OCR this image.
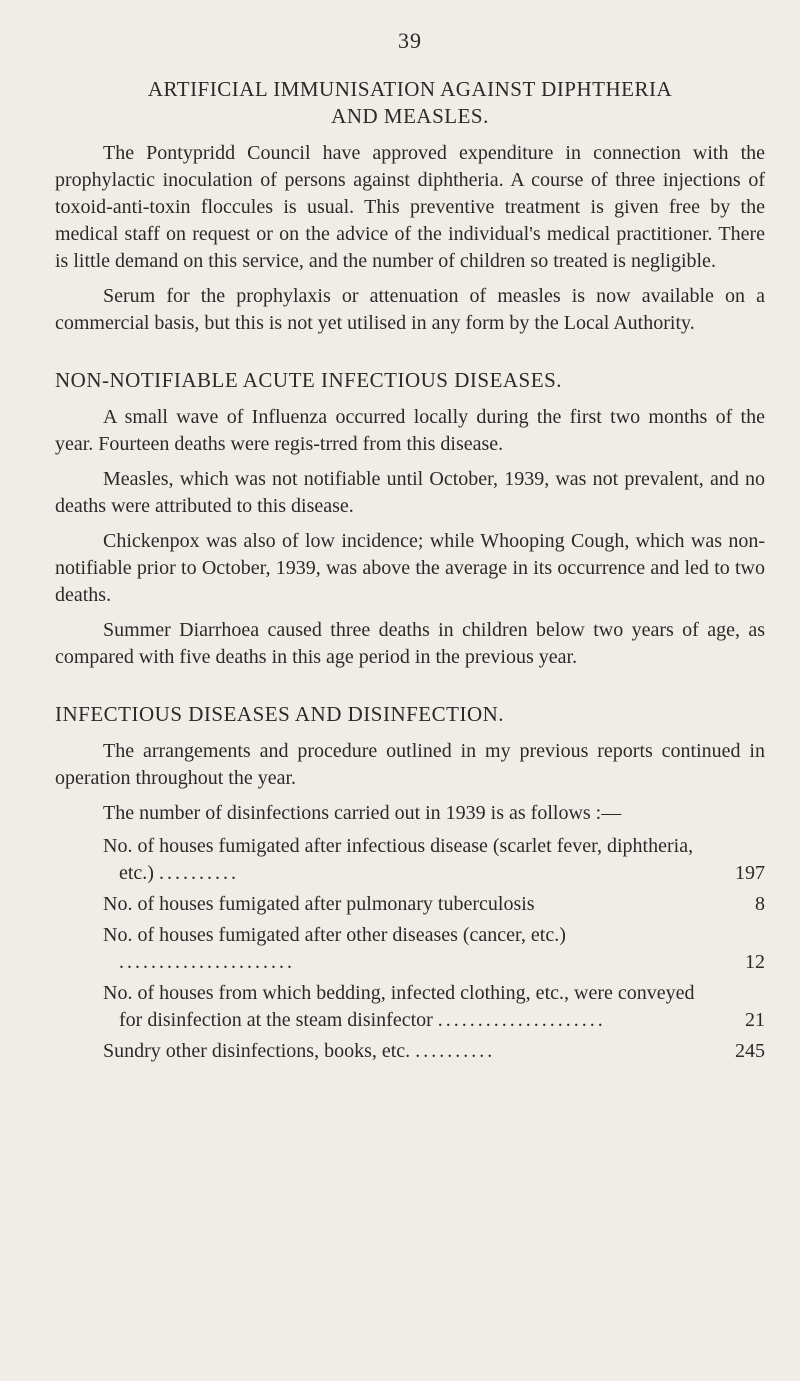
39
ARTIFICIAL IMMUNISATION AGAINST DIPHTHERIA
AND MEASLES.

The Pontypridd Council have approved expenditure in connection with the prophylactic inoculation of persons against diphtheria. A course of three injections of toxoid-anti-toxin floccules is usual. This preventive treatment is given free by the medical staff on request or on the advice of the individual's medical practitioner. There is little demand on this service, and the number of children so treated is negligible.

Serum for the prophylaxis or attenuation of measles is now available on a commercial basis, but this is not yet utilised in any form by the Local Authority.

NON-NOTIFIABLE ACUTE INFECTIOUS DISEASES.

A small wave of Influenza occurred locally during the first two months of the year. Fourteen deaths were regis-trred from this disease.

Measles, which was not notifiable until October, 1939, was not prevalent, and no deaths were attributed to this disease.

Chickenpox was also of low incidence; while Whooping Cough, which was non-notifiable prior to October, 1939, was above the average in its occurrence and led to two deaths.

Summer Diarrhoea caused three deaths in children below two years of age, as compared with five deaths in this age period in the previous year.

INFECTIOUS DISEASES AND DISINFECTION.

The arrangements and procedure outlined in my previous reports continued in operation throughout the year.

The number of disinfections carried out in 1939 is as follows :—

No. of houses fumigated after infectious disease (scarlet fever, diphtheria, etc.) ..........	197
No. of houses fumigated after pulmonary tuberculosis	8
No. of houses fumigated after other diseases (cancer, etc.) ......................	12
No. of houses from which bedding, infected clothing, etc., were conveyed for disinfection at the steam disinfector .....................	21
Sundry other disinfections, books, etc. ..........	245
